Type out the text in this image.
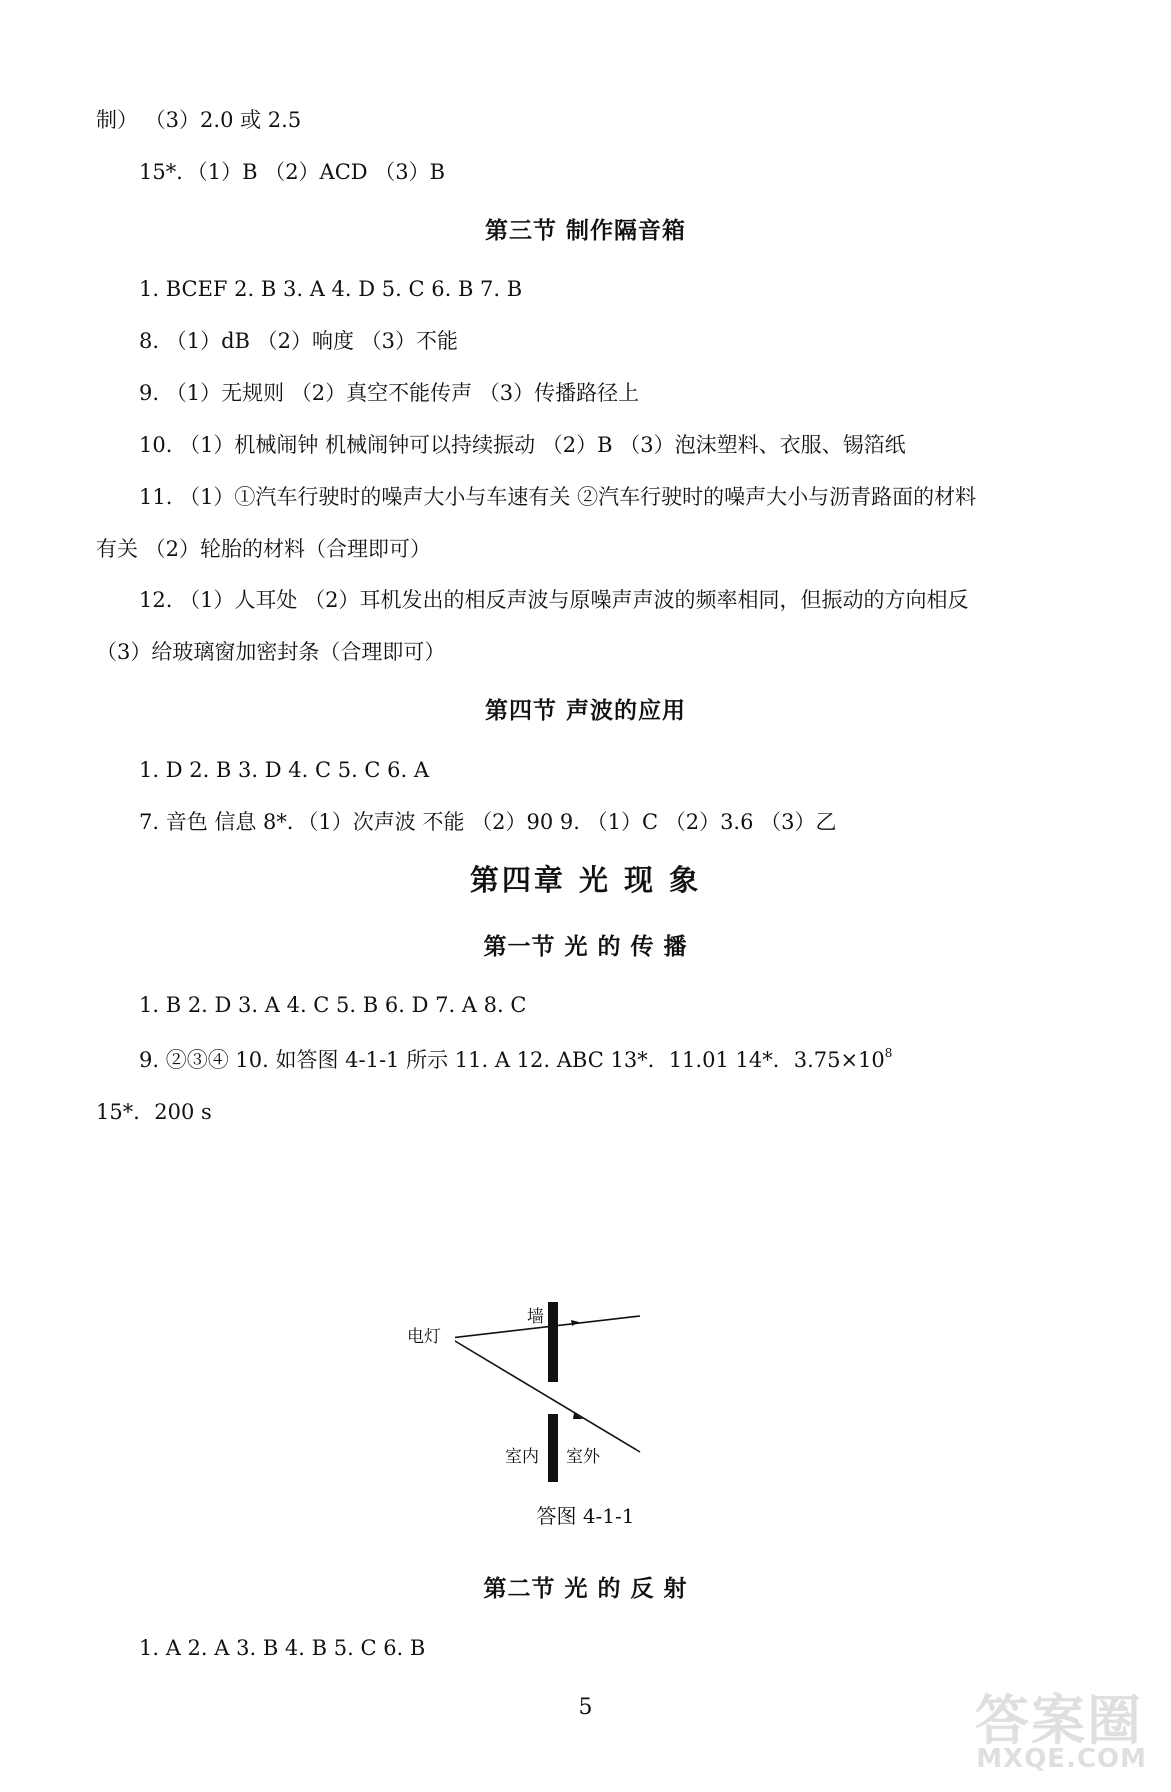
制） （3）2.0 或 2.5
15*．（1）B （2）ACD （3）B
第三节 制作隔音箱
1. BCEF 2. B 3. A 4. D 5. C 6. B 7. B
8. （1）dB （2）响度 （3）不能
9. （1）无规则 （2）真空不能传声 （3）传播路径上
10. （1）机械闹钟 机械闹钟可以持续振动 （2）B （3）泡沫塑料、衣服、锡箔纸
11. （1）①汽车行驶时的噪声大小与车速有关 ②汽车行驶时的噪声大小与沥青路面的材料
有关 （2）轮胎的材料（合理即可）
12. （1）人耳处 （2）耳机发出的相反声波与原噪声声波的频率相同，但振动的方向相反
（3）给玻璃窗加密封条（合理即可）
第四节 声波的应用
1. D 2. B 3. D 4. C 5. C 6. A
7. 音色 信息 8*．（1）次声波 不能 （2）90 9. （1）C （2）3.6 （3）乙
第四章 光 现 象
第一节 光 的 传 播
1. B 2. D 3. A 4. C 5. B 6. D 7. A 8. C
9. ②③④ 10. 如答图 4-1-1 所示 11. A 12. ABC 13*．11.01 14*．$3.75\times 10^8$
15*．200 s
墙
室内 室外
电灯
答图 4-1-1
第二节 光 的 反 射
1. A 2. A 3. B 4. B 5. C 6. B
5	答案圈
MXQE.COM
